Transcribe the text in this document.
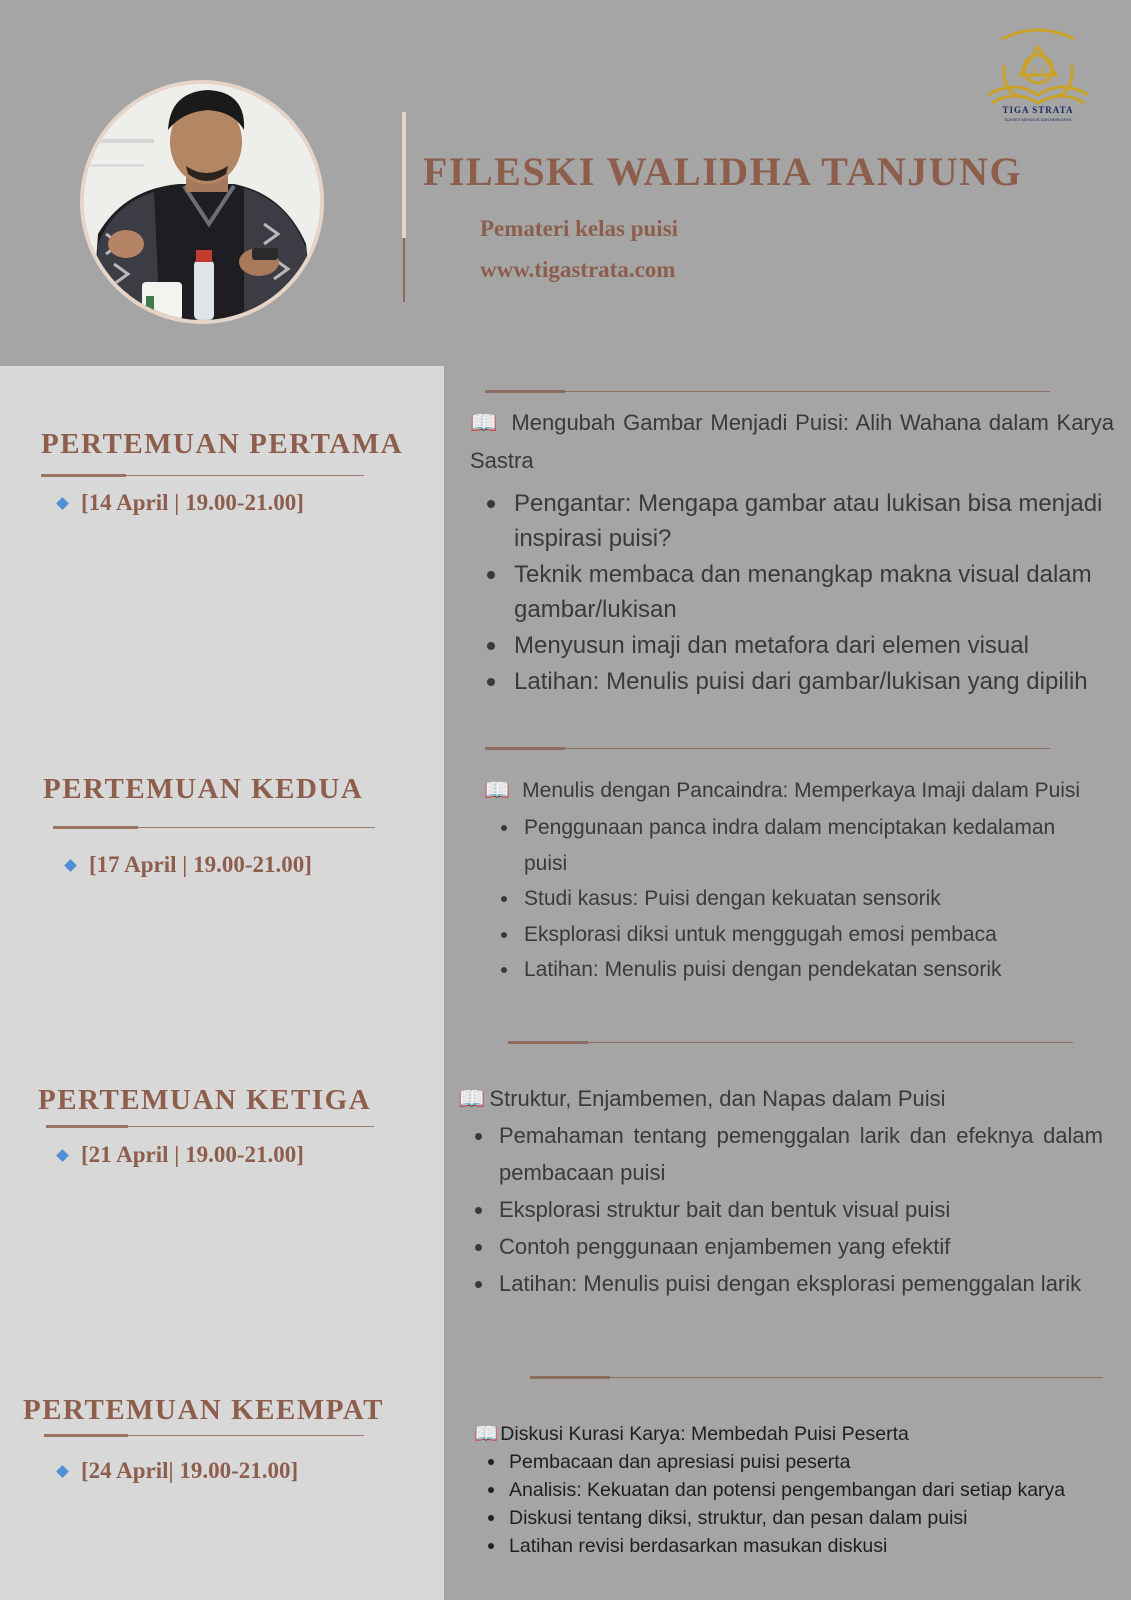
FILESKI WALIDHA TANJUNG
Pemateri kelas puisi
www.tigastrata.com
S G
TIGA STRATA
SUKSES MENULIS DAN BERKARYA
PERTEMUAN PERTAMA
[14 April | 19.00-21.00]
PERTEMUAN KEDUA
[17 April | 19.00-21.00]
PERTEMUAN KETIGA
[21 April | 19.00-21.00]
PERTEMUAN KEEMPAT
[24 April| 19.00-21.00]
📖 Mengubah Gambar Menjadi Puisi: Alih Wahana dalam Karya Sastra
Pengantar: Mengapa gambar atau lukisan bisa menjadi inspirasi puisi?
Teknik membaca dan menangkap makna visual dalam gambar/lukisan
Menyusun imaji dan metafora dari elemen visual
Latihan: Menulis puisi dari gambar/lukisan yang dipilih
📖 Menulis dengan Pancaindra: Memperkaya Imaji dalam Puisi
Penggunaan panca indra dalam menciptakan kedalaman puisi
Studi kasus: Puisi dengan kekuatan sensorik
Eksplorasi diksi untuk menggugah emosi pembaca
Latihan: Menulis puisi dengan pendekatan sensorik
📖 Struktur, Enjambemen, dan Napas dalam Puisi
Pemahaman tentang pemenggalan larik dan efeknya dalam pembacaan puisi
Eksplorasi struktur bait dan bentuk visual puisi
Contoh penggunaan enjambemen yang efektif
Latihan: Menulis puisi dengan eksplorasi pemenggalan larik
📖 Diskusi Kurasi Karya: Membedah Puisi Peserta
Pembacaan dan apresiasi puisi peserta
Analisis: Kekuatan dan potensi pengembangan dari setiap karya
Diskusi tentang diksi, struktur, dan pesan dalam puisi
Latihan revisi berdasarkan masukan diskusi
